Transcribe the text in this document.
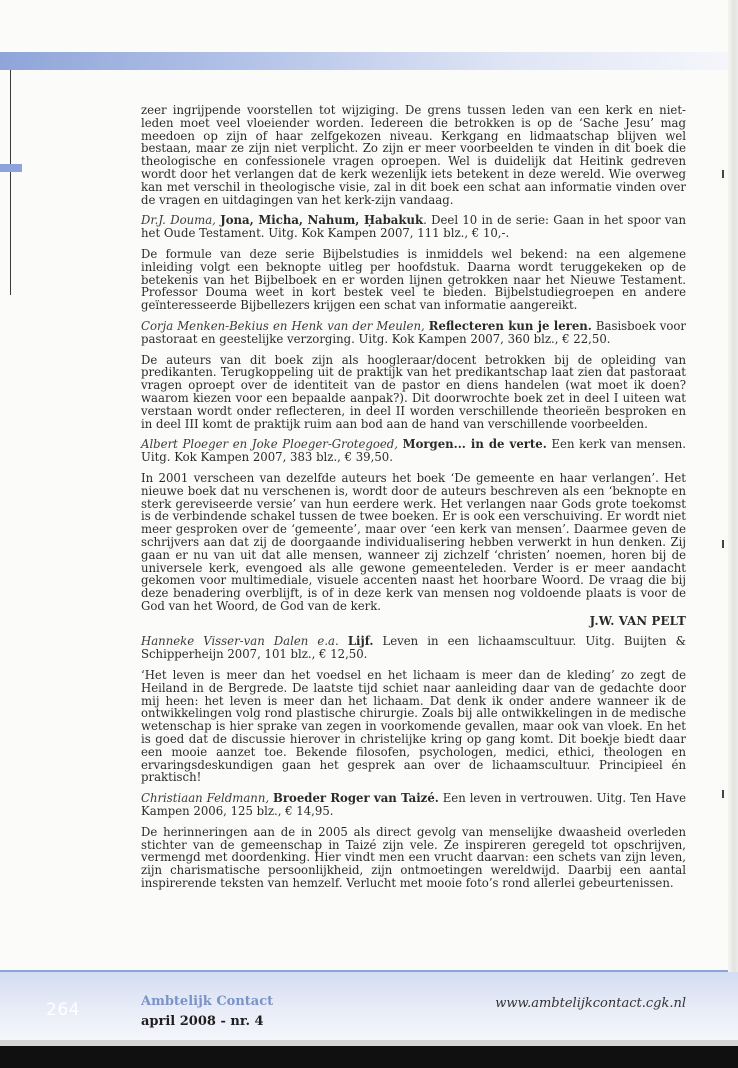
zeer ingrijpende voorstellen tot wijziging. De grens tussen leden van een kerk en niet-leden moet veel vloeiender worden. Iedereen die betrokken is op de ‘Sache Jesu’ mag meedoen op zijn of haar zelfgekozen niveau. Kerkgang en lidmaatschap blijven wel bestaan, maar ze zijn niet verplicht. Zo zijn er meer voorbeelden te vinden in dit boek die theologische en confessionele vragen oproepen. Wel is duidelijk dat Heitink gedreven wordt door het verlangen dat de kerk wezenlijk iets betekent in deze wereld. Wie overweg kan met verschil in theologische visie, zal in dit boek een schat aan informatie vinden over de vragen en uitdagingen van het kerk-zijn vandaag.

Dr.J. Douma, Jona, Micha, Nahum, Ḥabakuk. Deel 10 in de serie: Gaan in het spoor van het Oude Testament. Uitg. Kok Kampen 2007, 111 blz., € 10,-.

De formule van deze serie Bijbelstudies is inmiddels wel bekend: na een algemene inleiding volgt een beknopte uitleg per hoofdstuk. Daarna wordt teruggekeken op de betekenis van het Bijbelboek en er worden lijnen getrokken naar het Nieuwe Testament. Professor Douma weet in kort bestek veel te bieden. Bijbelstudiegroepen en andere geïnteresseerde Bijbellezers krijgen een schat van informatie aangereikt.

Corja Menken-Bekius en Henk van der Meulen, Reflecteren kun je leren. Basisboek voor pastoraat en geestelijke verzorging. Uitg. Kok Kampen 2007, 360 blz., € 22,50.

De auteurs van dit boek zijn als hoogleraar/docent betrokken bij de opleiding van predikanten. Terugkoppeling uit de praktijk van het predikantschap laat zien dat pastoraat vragen oproept over de identiteit van de pastor en diens handelen (wat moet ik doen? waarom kiezen voor een bepaalde aanpak?). Dit doorwrochte boek zet in deel I uiteen wat verstaan wordt onder reflecteren, in deel II worden verschillende theorieën besproken en in deel III komt de praktijk ruim aan bod aan de hand van verschillende voorbeelden.

Albert Ploeger en Joke Ploeger-Grotegoed, Morgen... in de verte. Een kerk van mensen. Uitg. Kok Kampen 2007, 383 blz., € 39,50.

In 2001 verscheen van dezelfde auteurs het boek ‘De gemeente en haar verlangen’. Het nieuwe boek dat nu verschenen is, wordt door de auteurs beschreven als een ‘beknopte en sterk gereviseerde versie’ van hun eerdere werk. Het verlangen naar Gods grote toekomst is de verbindende schakel tussen de twee boeken. Er is ook een verschuiving. Er wordt niet meer gesproken over de ‘gemeente’, maar over ‘een kerk van mensen’. Daarmee geven de schrijvers aan dat zij de doorgaande individualisering hebben verwerkt in hun denken. Zij gaan er nu van uit dat alle mensen, wanneer zij zichzelf ‘christen’ noemen, horen bij de universele kerk, evengoed als alle gewone gemeenteleden. Verder is er meer aandacht gekomen voor multimediale, visuele accenten naast het hoorbare Woord. De vraag die bij deze benadering overblijft, is of in deze kerk van mensen nog voldoende plaats is voor de God van het Woord, de God van de kerk.

J.W. VAN PELT

Hanneke Visser-van Dalen e.a. Lijf. Leven in een lichaamscultuur. Uitg. Buijten & Schipperheijn 2007, 101 blz., € 12,50.

‘Het leven is meer dan het voedsel en het lichaam is meer dan de kleding’ zo zegt de Heiland in de Bergrede. De laatste tijd schiet naar aanleiding daar van de gedachte door mij heen: het leven is meer dan het lichaam. Dat denk ik onder andere wanneer ik de ontwikkelingen volg rond plastische chirurgie. Zoals bij alle ontwikkelingen in de medische wetenschap is hier sprake van zegen in voorkomende gevallen, maar ook van vloek. En het is goed dat de discussie hierover in christelijke kring op gang komt. Dit boekje biedt daar een mooie aanzet toe. Bekende filosofen, psychologen, medici, ethici, theologen en ervaringsdeskundigen gaan het gesprek aan over de lichaamscultuur. Principieel én praktisch!

Christiaan Feldmann, Broeder Roger van Taizé. Een leven in vertrouwen. Uitg. Ten Have Kampen 2006, 125 blz., € 14,95.

De herinneringen aan de in 2005 als direct gevolg van menselijke dwaasheid overleden stichter van de gemeenschap in Taizé zijn vele. Ze inspireren geregeld tot opschrijven, vermengd met doordenking. Hier vindt men een vrucht daarvan: een schets van zijn leven, zijn charismatische persoonlijkheid, zijn ontmoetingen wereldwijd. Daarbij een aantal inspirerende teksten van hemzelf. Verlucht met mooie foto’s rond allerlei gebeurtenissen.

264	Ambtelijk Contact
april 2008 - nr. 4
www.ambtelijkcontact.cgk.nl
